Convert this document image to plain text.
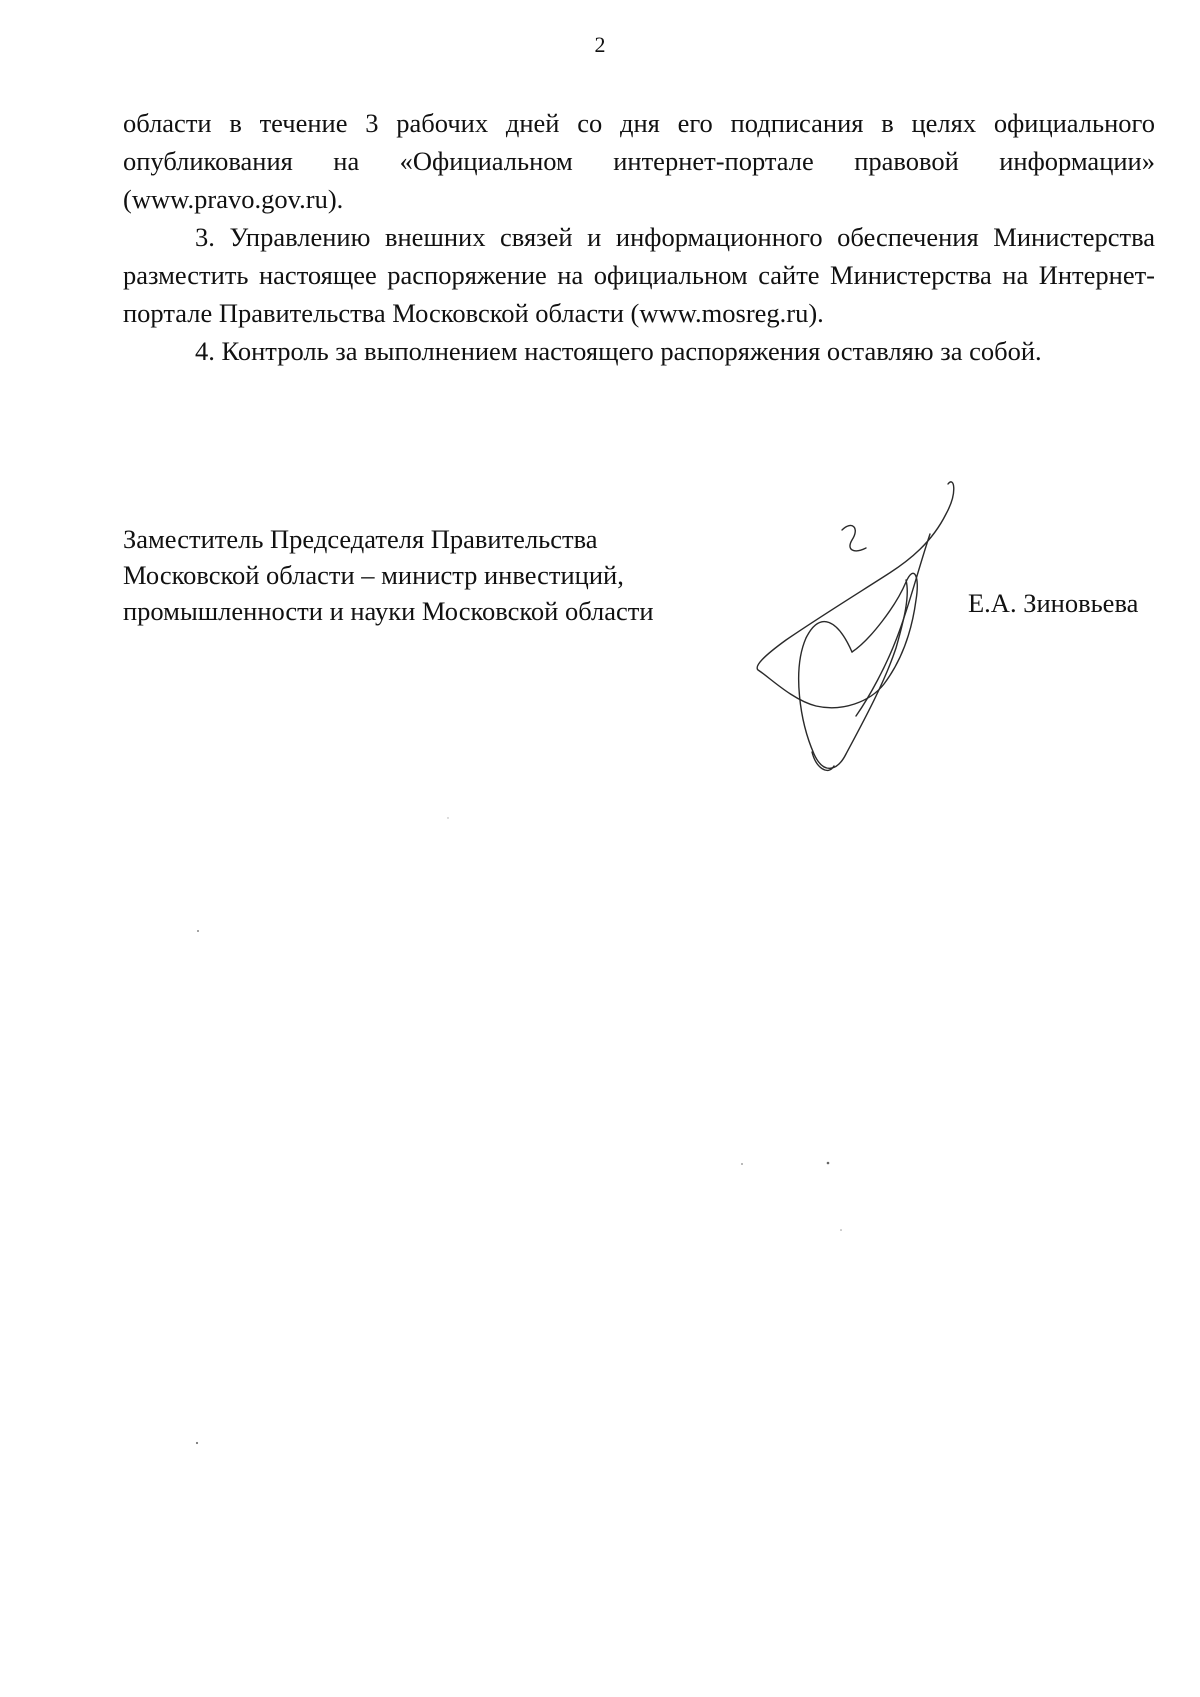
2

области в течение 3 рабочих дней со дня его подписания в целях официального опубликования на «Официальном интернет-портале правовой информации» (www.pravo.gov.ru).

3. Управлению внешних связей и информационного обеспечения Министерства разместить настоящее распоряжение на официальном сайте Министерства на Интернет-портале Правительства Московской области (www.mosreg.ru).

4. Контроль за выполнением настоящего распоряжения оставляю за собой.

Заместитель Председателя Правительства
Московской области – министр инвестиций,
промышленности и науки Московской области	Е.А. Зиновьева
